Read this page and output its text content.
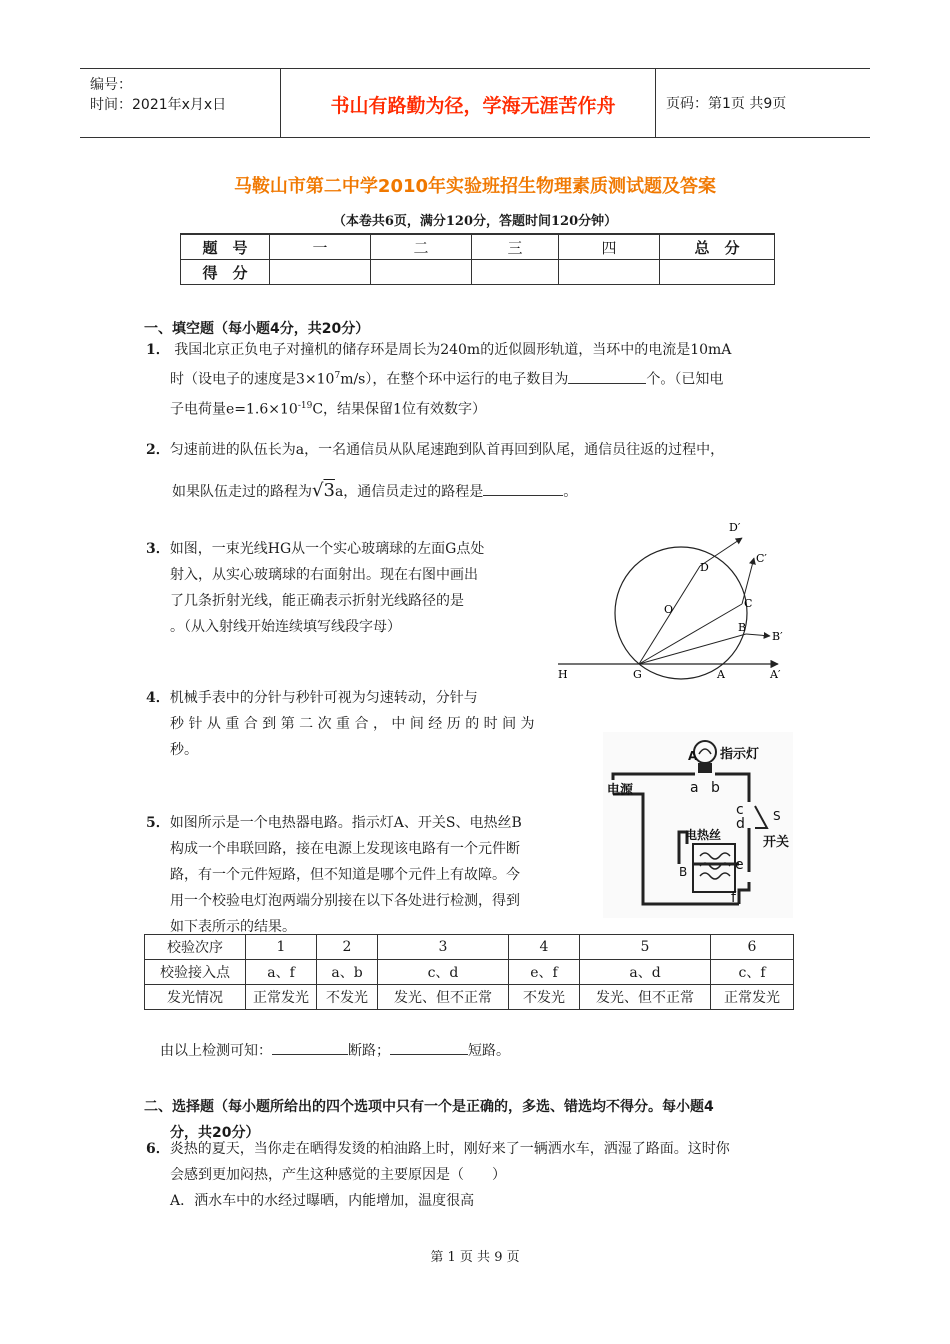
编号：
时间：2021年x月x日	书山有路勤为径，学海无涯苦作舟	页码：第1页 共9页
马鞍山市第二中学2010年实验班招生物理素质测试题及答案
（本卷共6页，满分120分，答题时间120分钟）
题　号	一	二	三	四	总　分
得　分					
一、填空题（每小题4分，共20分）
1． 我国北京正负电子对撞机的储存环是周长为240m的近似圆形轨道，当环中的电流是10mA
时（设电子的速度是$3\times 10^7m/s$），在整个环中运行的电子数目为	个。（已知电
子电荷量$e=1.6\times 10^{-19}C$，结果保留1位有效数字）
2．匀速前进的队伍长为a，一名通信员从队尾速跑到队首再回到队尾，通信员往返的过程中，
如果队伍走过的路程为√3a，通信员走过的路程是	。
3．如图，一束光线HG从一个实心玻璃球的左面G点处
射入，从实心玻璃球的右面射出。现在右图中画出
了几条折射光线，能正确表示折射光线路径的是
。（从入射线开始连续填写线段字母）
D′
D
C′
C
O
B
B′
H	G	A	A′
4．机械手表中的分针与秒针可视为匀速转动，分针与
秒 针 从 重 合 到 第 二 次 重 合 ， 中 间 经 历 的 时 间 为
秒。	A 指示灯
电源	a b
c
d S
开关
电热丝
B	e
f
5．如图所示是一个电热器电路。指示灯A、开关S、电热丝B
构成一个串联回路，接在电源上发现该电路有一个元件断
路，有一个元件短路，但不知道是哪个元件上有故障。今
用一个校验电灯泡两端分别接在以下各处进行检测，得到
如下表所示的结果。
校验次序	1	2	3	4	5	6
校验接入点	a、f	a、b	c、d	e、f	a、d	c、f
发光情况	正常发光	不发光	发光、但不正常	不发光	发光、但不正常	正常发光
由以上检测可知：	断路；	短路。
二、选择题（每小题所给出的四个选项中只有一个是正确的，多选、错选均不得分。每小题4
分，共20分）
6．炎热的夏天，当你走在晒得发烫的柏油路上时，刚好来了一辆洒水车，洒湿了路面。这时你
会感到更加闷热，产生这种感觉的主要原因是（　　）
A．洒水车中的水经过曝晒，内能增加，温度很高
第 1 页 共 9 页
